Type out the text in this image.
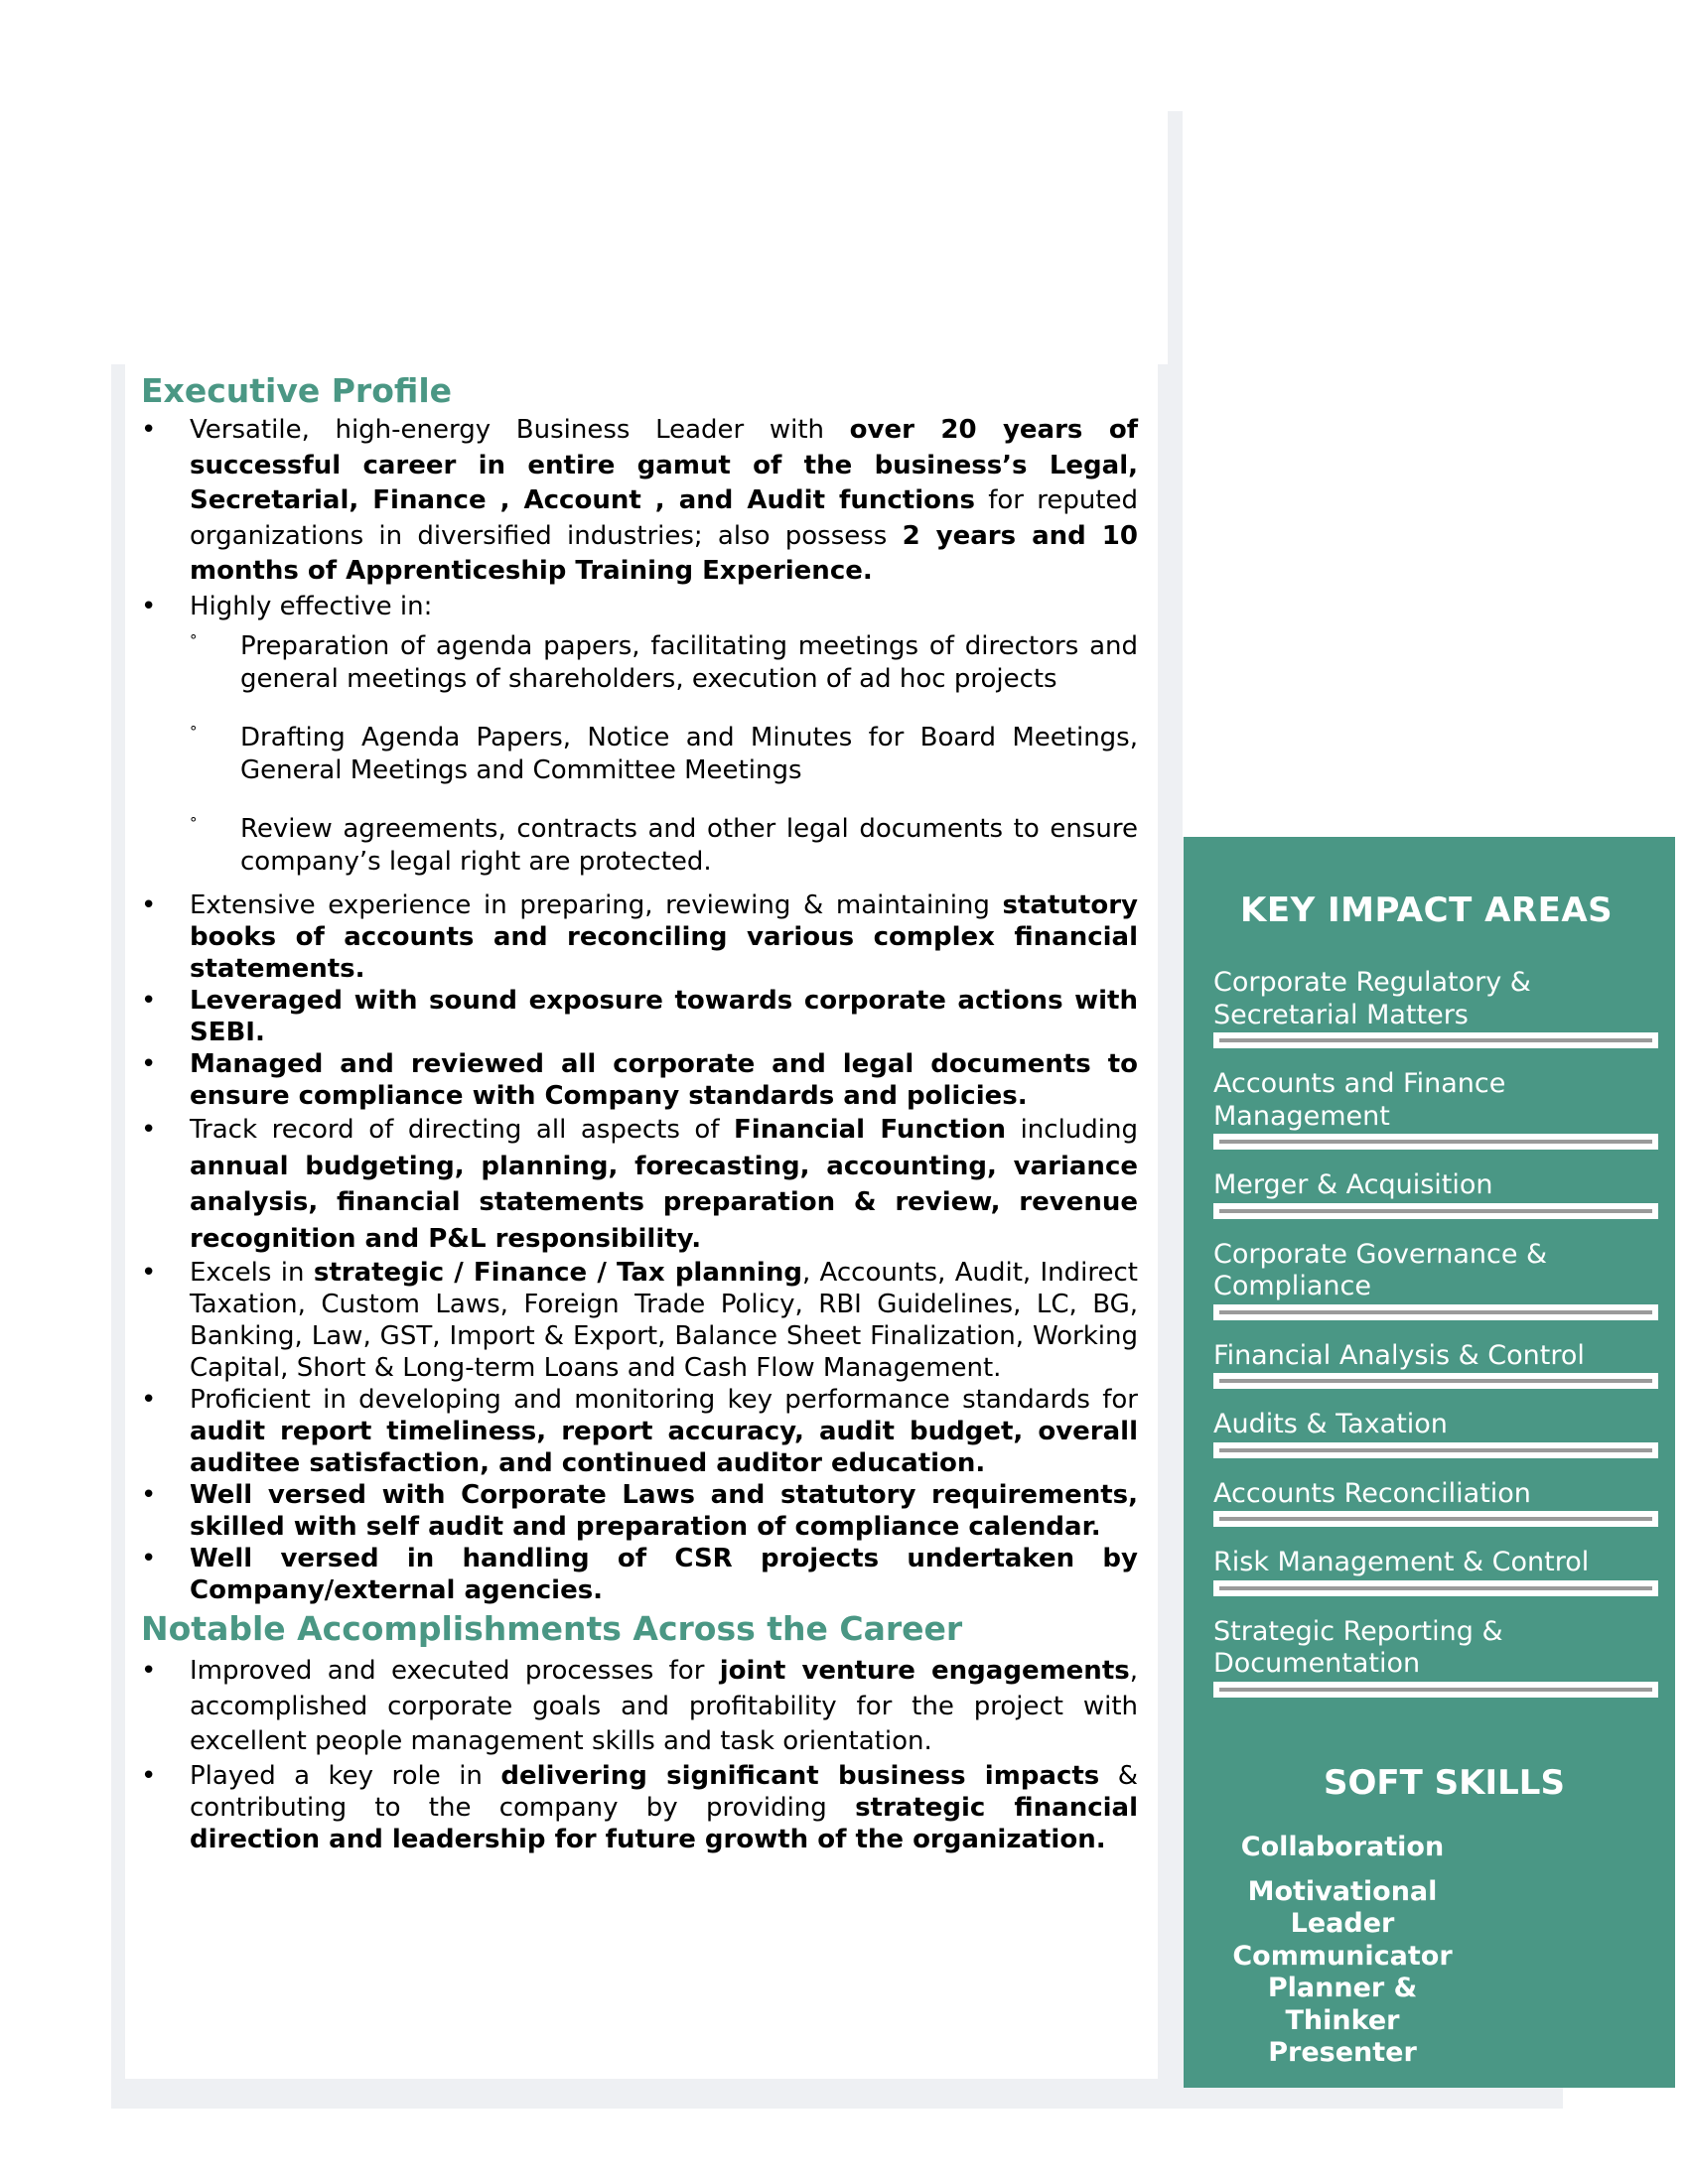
Executive Profile
• Versatile, high-energy Business Leader with over 20 years of successful career in entire gamut of the business’s Legal, Secretarial, Finance , Account , and Audit functions for reputed organizations in diversified industries; also possess 2 years and 10 months of Apprenticeship Training Experience.
• Highly effective in:
° Preparation of agenda papers, facilitating meetings of directors and general meetings of shareholders, execution of ad hoc projects
° Drafting Agenda Papers, Notice and Minutes for Board Meetings, General Meetings and Committee Meetings
° Review agreements, contracts and other legal documents to ensure company’s legal right are protected.
• Extensive experience in preparing, reviewing & maintaining statutory books of accounts and reconciling various complex financial statements.
• Leveraged with sound exposure towards corporate actions with SEBI.
• Managed and reviewed all corporate and legal documents to ensure compliance with Company standards and policies.
• Track record of directing all aspects of Financial Function including annual budgeting, planning, forecasting, accounting, variance analysis, financial statements preparation & review, revenue recognition and P&L responsibility.
• Excels in strategic / Finance / Tax planning, Accounts, Audit, Indirect Taxation, Custom Laws, Foreign Trade Policy, RBI Guidelines, LC, BG, Banking, Law, GST, Import & Export, Balance Sheet Finalization, Working Capital, Short & Long-term Loans and Cash Flow Management.
• Proficient in developing and monitoring key performance standards for audit report timeliness, report accuracy, audit budget, overall auditee satisfaction, and continued auditor education.
• Well versed with Corporate Laws and statutory requirements, skilled with self audit and preparation of compliance calendar.
• Well versed in handling of CSR projects undertaken by Company/external agencies.
Notable Accomplishments Across the Career
• Improved and executed processes for joint venture engagements, accomplished corporate goals and profitability for the project with excellent people management skills and task orientation.
• Played a key role in delivering significant business impacts & contributing to the company by providing strategic financial direction and leadership for future growth of the organization.
KEY IMPACT AREAS
Corporate Regulatory & Secretarial Matters
Accounts and Finance Management
Merger & Acquisition
Corporate Governance & Compliance
Financial Analysis & Control
Audits & Taxation
Accounts Reconciliation
Risk Management & Control
Strategic Reporting & Documentation
SOFT SKILLS
Collaboration
Motivational Leader
Communicator
Planner & Thinker
Presenter
